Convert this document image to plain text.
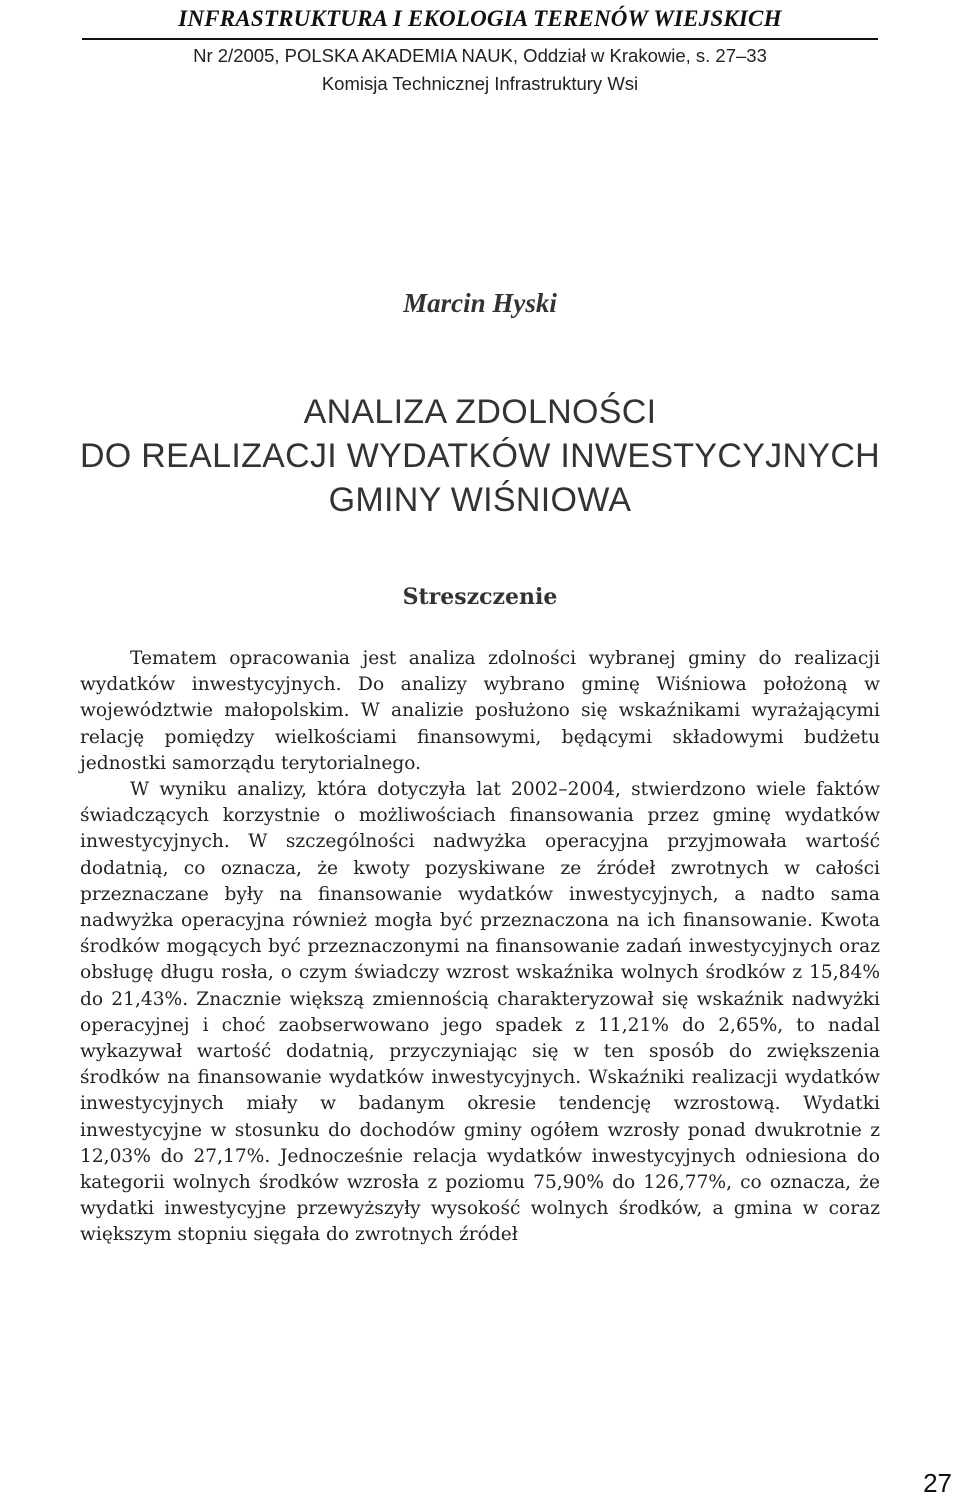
INFRASTRUKTURA I EKOLOGIA TERENÓW WIEJSKICH
Nr 2/2005, POLSKA AKADEMIA NAUK, Oddział w Krakowie, s. 27–33
Komisja Technicznej Infrastruktury Wsi
Marcin Hyski
ANALIZA ZDOLNOŚCI
DO REALIZACJI WYDATKÓW INWESTYCYJNYCH
GMINY WIŚNIOWA
Streszczenie

Tematem opracowania jest analiza zdolności wybranej gminy do realizacji wydatków inwestycyjnych. Do analizy wybrano gminę Wiśniowa położoną w województwie małopolskim. W analizie posłużono się wskaźnikami wyrażającymi relację pomiędzy wielkościami finansowymi, będącymi składowymi budżetu jednostki samorządu terytorialnego.

W wyniku analizy, która dotyczyła lat 2002–2004, stwierdzono wiele faktów świadczących korzystnie o możliwościach finansowania przez gminę wydatków inwestycyjnych. W szczególności nadwyżka operacyjna przyjmowała wartość dodatnią, co oznacza, że kwoty pozyskiwane ze źródeł zwrotnych w całości przeznaczane były na finansowanie wydatków inwestycyjnych, a nadto sama nadwyżka operacyjna również mogła być przeznaczona na ich finansowanie. Kwota środków mogących być przeznaczonymi na finansowanie zadań inwestycyjnych oraz obsługę długu rosła, o czym świadczy wzrost wskaźnika wolnych środków z 15,84% do 21,43%. Znacznie większą zmiennością charakteryzował się wskaźnik nadwyżki operacyjnej i choć zaobserwowano jego spadek z 11,21% do 2,65%, to nadal wykazywał wartość dodatnią, przyczyniając się w ten sposób do zwiększenia środków na finansowanie wydatków inwestycyjnych. Wskaźniki realizacji wydatków inwestycyjnych miały w badanym okresie tendencję wzrostową. Wydatki inwestycyjne w stosunku do dochodów gminy ogółem wzrosły ponad dwukrotnie z 12,03% do 27,17%. Jednocześnie relacja wydatków inwestycyjnych odniesiona do kategorii wolnych środków wzrosła z poziomu 75,90% do 126,77%, co oznacza, że wydatki inwestycyjne przewyższyły wysokość wolnych środków, a gmina w coraz większym stopniu sięgała do zwrotnych źródeł

27
